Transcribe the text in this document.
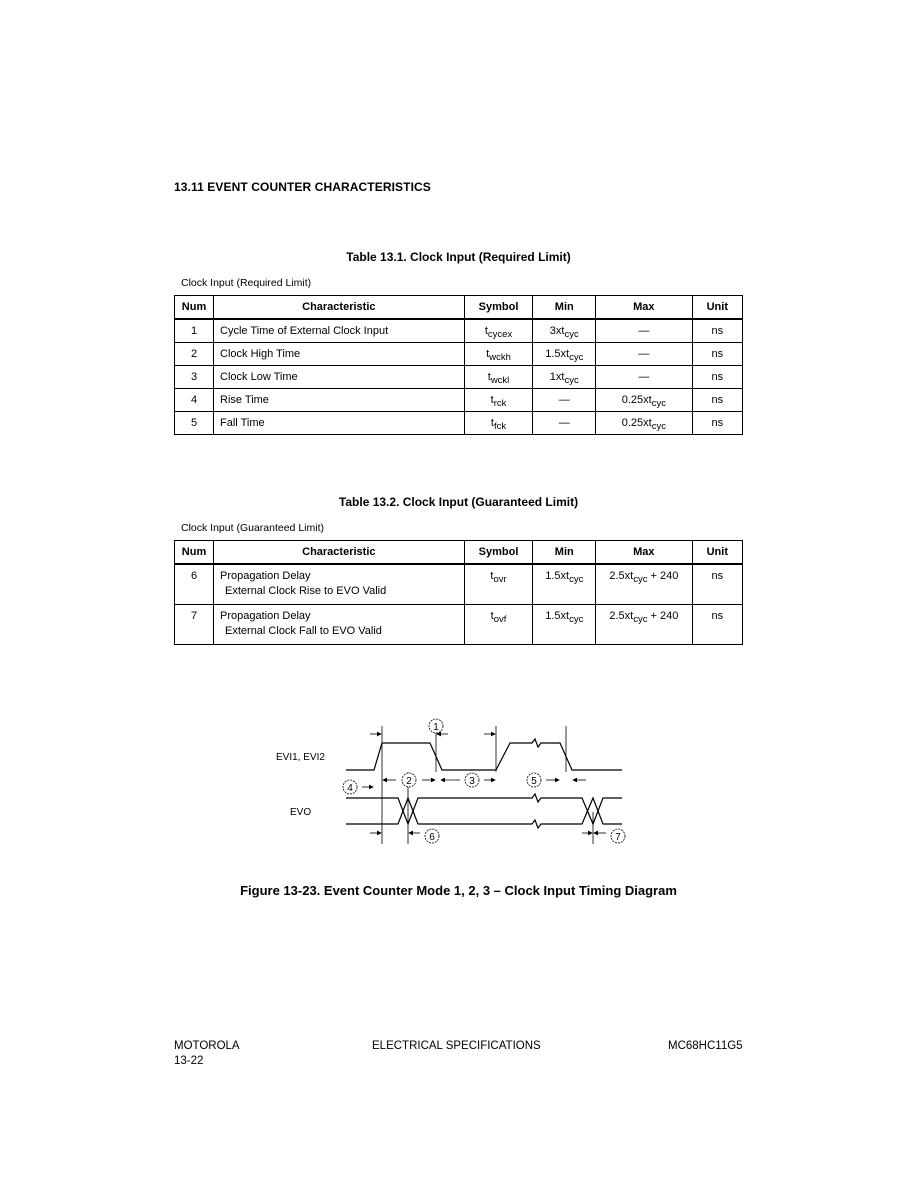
13.11 EVENT COUNTER CHARACTERISTICS
Table 13.1. Clock Input (Required Limit)
Clock Input (Required Limit)
Num	Characteristic	Symbol	Min	Max	Unit
1	Cycle Time of External Clock Input	tcycex	3xtcyc	—	ns
2	Clock High Time	twckh	1.5xtcyc	—	ns
3	Clock Low Time	twckl	1xtcyc	—	ns
4	Rise Time	trck	—	0.25xtcyc	ns
5	Fall Time	tfck	—	0.25xtcyc	ns
Table 13.2. Clock Input (Guaranteed Limit)
Clock Input (Guaranteed Limit)
Num	Characteristic	Symbol	Min	Max	Unit
6	Propagation Delay
External Clock Rise to EVO Valid	tovr	1.5xtcyc	2.5xtcyc + 240	ns
7	Propagation Delay
External Clock Fall to EVO Valid	tovf	1.5xtcyc	2.5xtcyc + 240	ns
EVI1, EVI2
EVO
1
2	3
4
5
6	7
Figure 13-23. Event Counter Mode 1, 2, 3 – Clock Input Timing Diagram
MOTOROLA
13-22
ELECTRICAL SPECIFICATIONS	MC68HC11G5
